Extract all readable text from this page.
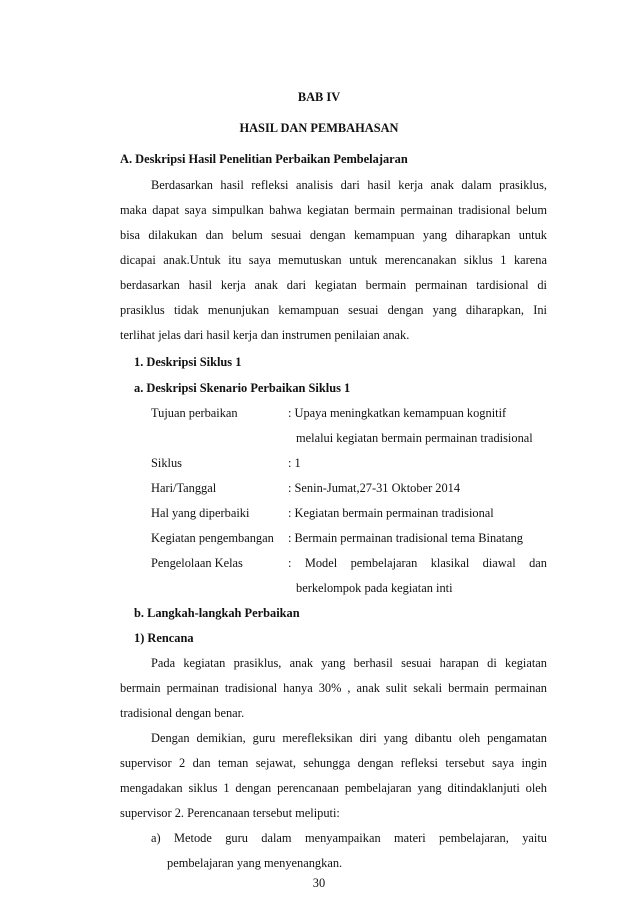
BAB IV
HASIL DAN PEMBAHASAN
A. Deskripsi Hasil Penelitian Perbaikan Pembelajaran
Berdasarkan hasil refleksi analisis dari hasil kerja anak dalam prasiklus,
maka dapat saya simpulkan bahwa kegiatan bermain permainan tradisional belum
bisa dilakukan dan belum sesuai dengan kemampuan yang diharapkan untuk
dicapai anak.Untuk itu saya memutuskan untuk merencanakan siklus 1 karena
berdasarkan hasil kerja anak dari kegiatan bermain permainan tardisional di
prasiklus tidak menunjukan kemampuan sesuai dengan yang diharapkan, Ini
terlihat jelas dari hasil kerja dan instrumen penilaian anak.
1. Deskripsi Siklus 1
a. Deskripsi Skenario Perbaikan Siklus 1
Tujuan perbaikan	: Upaya meningkatkan kemampuan kognitif
melalui kegiatan bermain permainan tradisional
Siklus	: 1
Hari/Tanggal	: Senin-Jumat,27-31 Oktober 2014
Hal yang diperbaiki	: Kegiatan bermain permainan tradisional
Kegiatan pengembangan : Bermain permainan tradisional tema Binatang
Pengelolaan Kelas	: Model pembelajaran klasikal diawal dan
berkelompok pada kegiatan inti
b. Langkah-langkah Perbaikan
1) Rencana
Pada kegiatan prasiklus, anak yang berhasil sesuai harapan di kegiatan
bermain permainan tradisional hanya 30% , anak sulit sekali bermain permainan
tradisional dengan benar.
Dengan demikian, guru merefleksikan diri yang dibantu oleh pengamatan
supervisor 2 dan teman sejawat, sehungga dengan refleksi tersebut saya ingin
mengadakan siklus 1 dengan perencanaan pembelajaran yang ditindaklanjuti oleh
supervisor 2. Perencanaan tersebut meliputi:
a) Metode guru dalam menyampaikan materi pembelajaran, yaitu
pembelajaran yang menyenangkan.
30
